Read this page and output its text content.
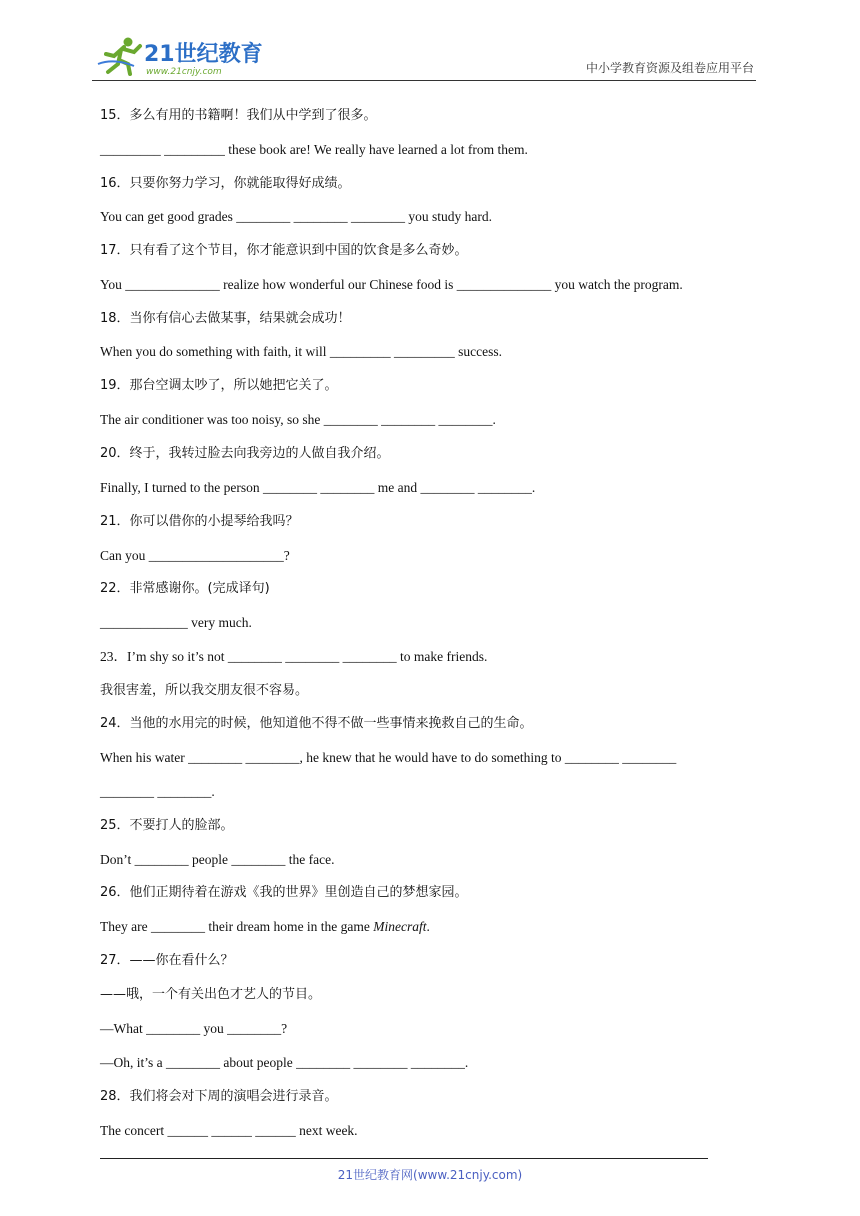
21世纪教育
www.21cnjy.com	中小学教育资源及组卷应用平台

15．多么有用的书籍啊！我们从中学到了很多。

_________ _________ these book are! We really have learned a lot from them.

16．只要你努力学习，你就能取得好成绩。

You can get good grades ________ ________ ________ you study hard.

17．只有看了这个节目，你才能意识到中国的饮食是多么奇妙。

You ______________ realize how wonderful our Chinese food is ______________ you watch the program.

18．当你有信心去做某事，结果就会成功！

When you do something with faith, it will _________ _________ success.

19．那台空调太吵了，所以她把它关了。

The air conditioner was too noisy, so she ________ ________ ________.

20．终于，我转过脸去向我旁边的人做自我介绍。

Finally, I turned to the person ________ ________ me and ________ ________.

21．你可以借你的小提琴给我吗？

Can you ____________________?

22．非常感谢你。(完成译句)

_____________ very much.

23．I’m shy so it’s not ________ ________ ________ to make friends.

我很害羞，所以我交朋友很不容易。

24．当他的水用完的时候，他知道他不得不做一些事情来挽救自己的生命。

When his water ________ ________, he knew that he would have to do something to ________ ________

________ ________.

25．不要打人的脸部。

Don’t ________ people ________ the face.

26．他们正期待着在游戏《我的世界》里创造自己的梦想家园。

They are ________ their dream home in the game Minecraft.

27．——你在看什么？

——哦，一个有关出色才艺人的节目。

—What ________ you ________?

—Oh, it’s a ________ about people ________ ________ ________.

28．我们将会对下周的演唱会进行录音。

The concert ______ ______ ______ next week.

21世纪教育网(www.21cnjy.com)
